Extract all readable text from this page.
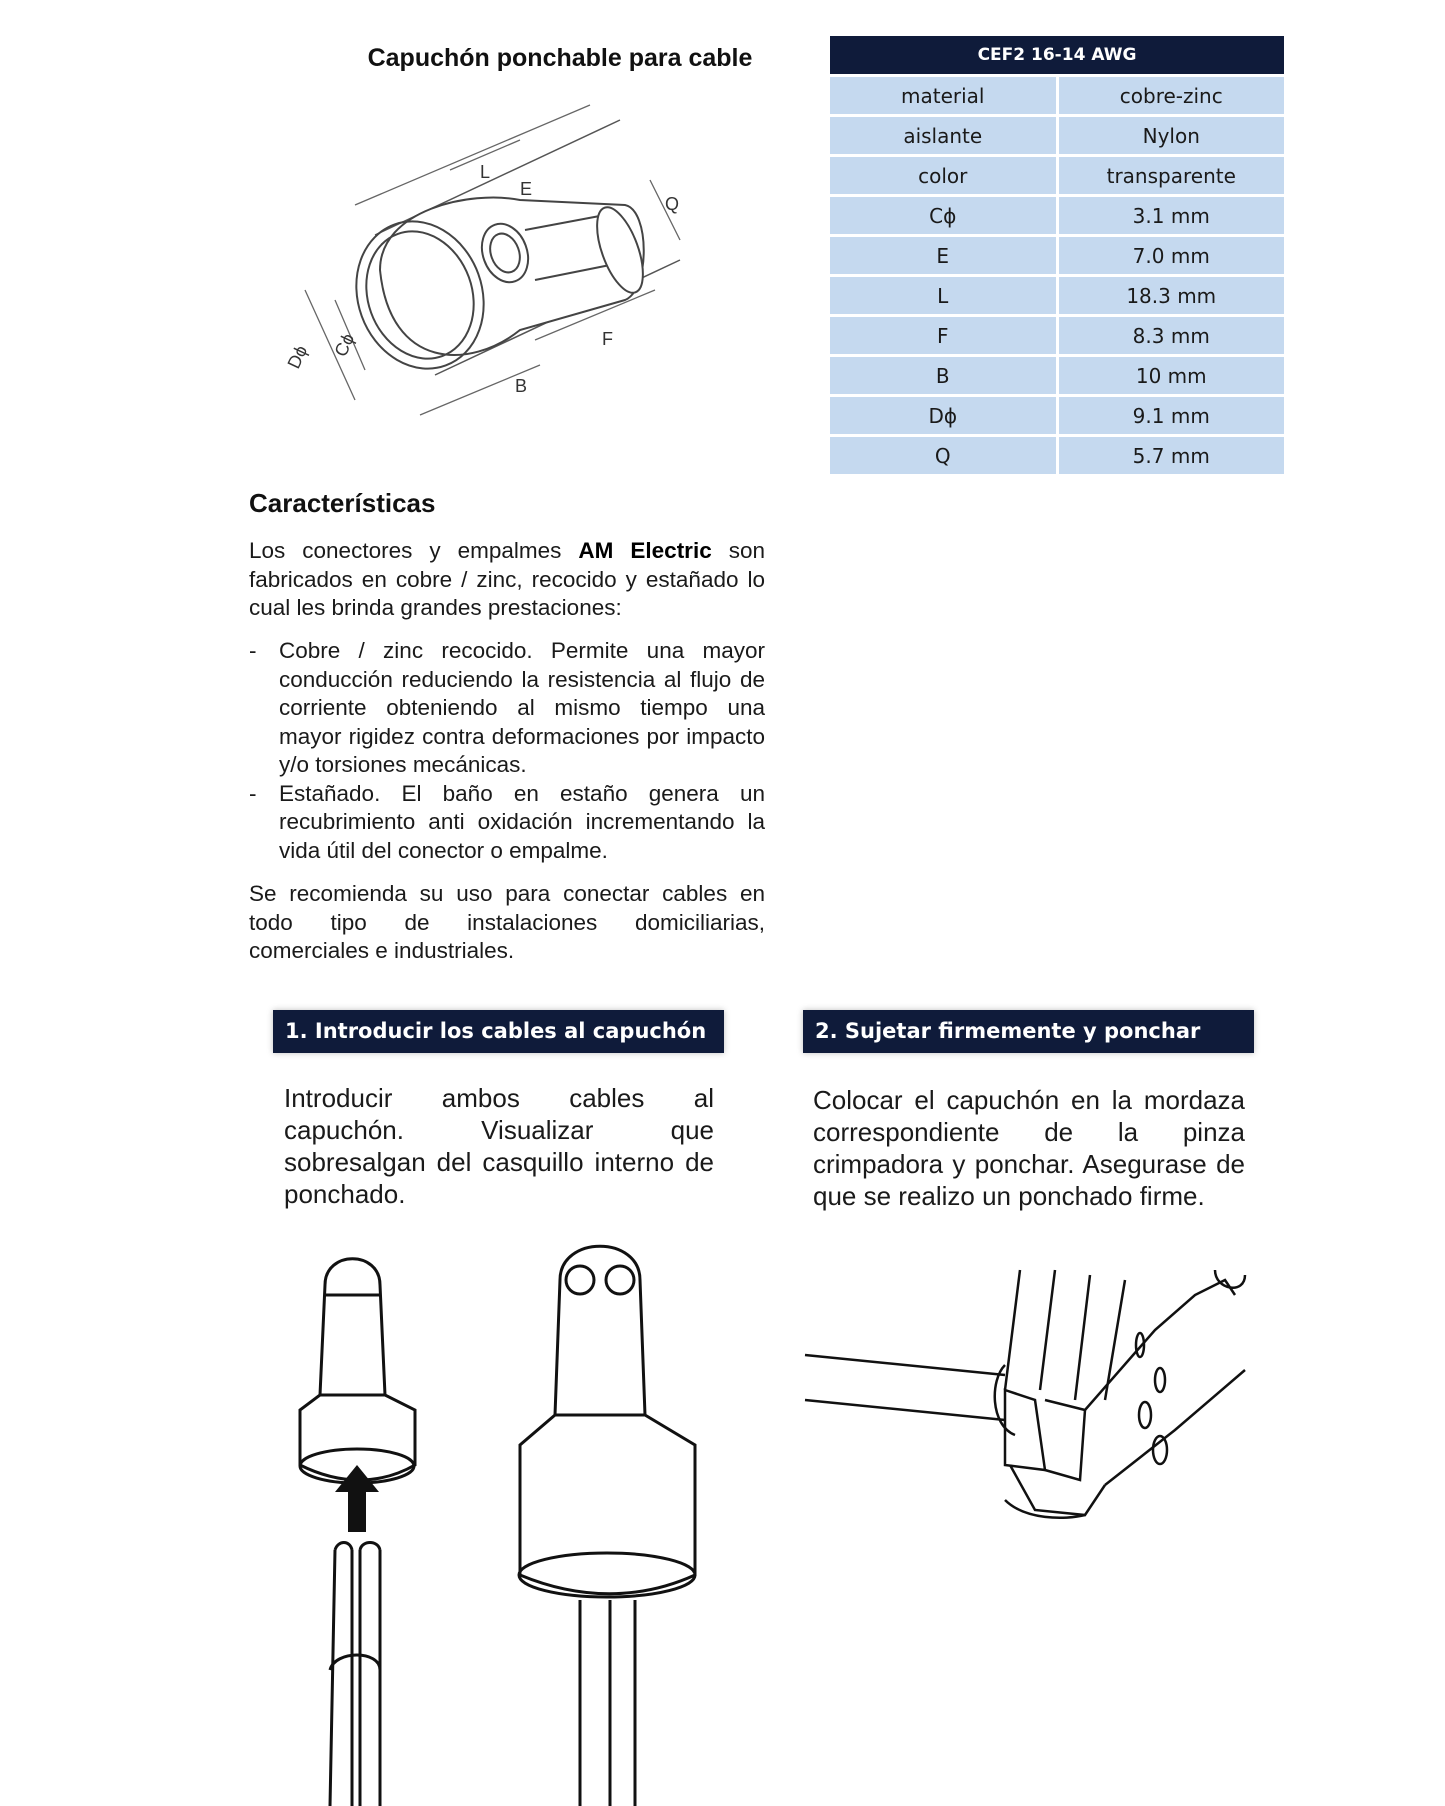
Capuchón ponchable para cable
L
E
Q
F
B
Dϕ Cϕ
CEF2 16-14 AWG	
material	cobre-zinc
aislante	Nylon
color	transparente
Cϕ	3.1 mm
E	7.0 mm
L	18.3 mm
F	8.3 mm
B	10 mm
Dϕ	9.1 mm
Q	5.7 mm
Características
Los conectores y empalmes AM Electric son fabricados en cobre / zinc, recocido y estañado lo cual les brinda grandes prestaciones:
- Cobre / zinc recocido. Permite una mayor conducción reduciendo la resistencia al flujo de corriente obteniendo al mismo tiempo una mayor rigidez contra deformaciones por impacto y/o torsiones mecánicas.
- Estañado. El baño en estaño genera un recubrimiento anti oxidación incrementando la vida útil del conector o empalme.
Se recomienda su uso para conectar cables en todo tipo de instalaciones domiciliarias, comerciales e industriales.
1. Introducir los cables al capuchón
Introducir ambos cables al capuchón. Visualizar que sobresalgan del casquillo interno de ponchado.
2. Sujetar firmemente y ponchar
Colocar el capuchón en la mordaza correspondiente de la pinza crimpadora y ponchar. Asegurase de que se realizo un ponchado firme.
